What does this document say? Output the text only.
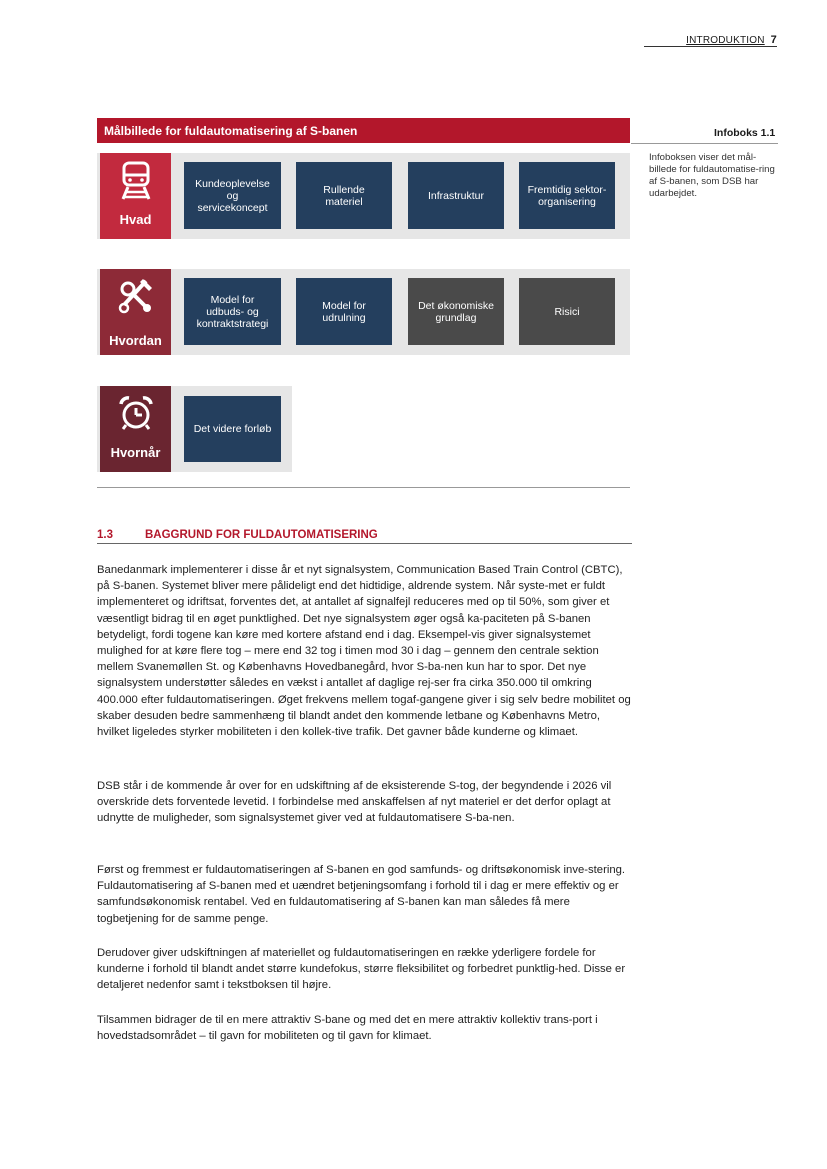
INTRODUKTION 7
Målbillede for fuldautomatisering af S-banen	Infoboks 1.1
Infoboksen viser det mål-billede for fuldautomatise-ring af S-banen, som DSB har udarbejdet.
Hvad
Kundeoplevelse
og
servicekoncept
Rullende
materiel	Infrastruktur	Fremtidig sektor-
organisering
Hvordan
Model for
udbuds- og
kontraktstrategi
Model for
udrulning
Det økonomiske
grundlag	Risici
Hvornår
Det videre forløb
1.3	BAGGRUND FOR FULDAUTOMATISERING

Banedanmark implementerer i disse år et nyt signalsystem, Communication Based Train Control (CBTC), på S-banen. Systemet bliver mere pålideligt end det hidtidige, aldrende system. Når syste-met er fuldt implementeret og idriftsat, forventes det, at antallet af signalfejl reduceres med op til 50%, som giver et væsentligt bidrag til en øget punktlighed. Det nye signalsystem øger også ka-paciteten på S-banen betydeligt, fordi togene kan køre med kortere afstand end i dag. Eksempel-vis giver signalsystemet mulighed for at køre flere tog – mere end 32 tog i timen mod 30 i dag – gennem den centrale sektion mellem Svanemøllen St. og Københavns Hovedbanegård, hvor S-ba-nen kun har to spor. Det nye signalsystem understøtter således en vækst i antallet af daglige rej-ser fra cirka 350.000 til omkring 400.000 efter fuldautomatiseringen. Øget frekvens mellem togaf-gangene giver i sig selv bedre mobilitet og skaber desuden bedre sammenhæng til blandt andet den kommende letbane og Københavns Metro, hvilket ligeledes styrker mobiliteten i den kollek-tive trafik. Det gavner både kunderne og klimaet.

DSB står i de kommende år over for en udskiftning af de eksisterende S-tog, der begyndende i 2026 vil overskride dets forventede levetid. I forbindelse med anskaffelsen af nyt materiel er det derfor oplagt at udnytte de muligheder, som signalsystemet giver ved at fuldautomatisere S-ba-nen.

Først og fremmest er fuldautomatiseringen af S-banen en god samfunds- og driftsøkonomisk inve-stering. Fuldautomatisering af S-banen med et uændret betjeningsomfang i forhold til i dag er mere effektiv og er samfundsøkonomisk rentabel. Ved en fuldautomatisering af S-banen kan man således få mere togbetjening for de samme penge.

Derudover giver udskiftningen af materiellet og fuldautomatiseringen en række yderligere fordele for kunderne i forhold til blandt andet større kundefokus, større fleksibilitet og forbedret punktlig-hed. Disse er detaljeret nedenfor samt i tekstboksen til højre.

Tilsammen bidrager de til en mere attraktiv S-bane og med det en mere attraktiv kollektiv trans-port i hovedstadsområdet – til gavn for mobiliteten og til gavn for klimaet.
